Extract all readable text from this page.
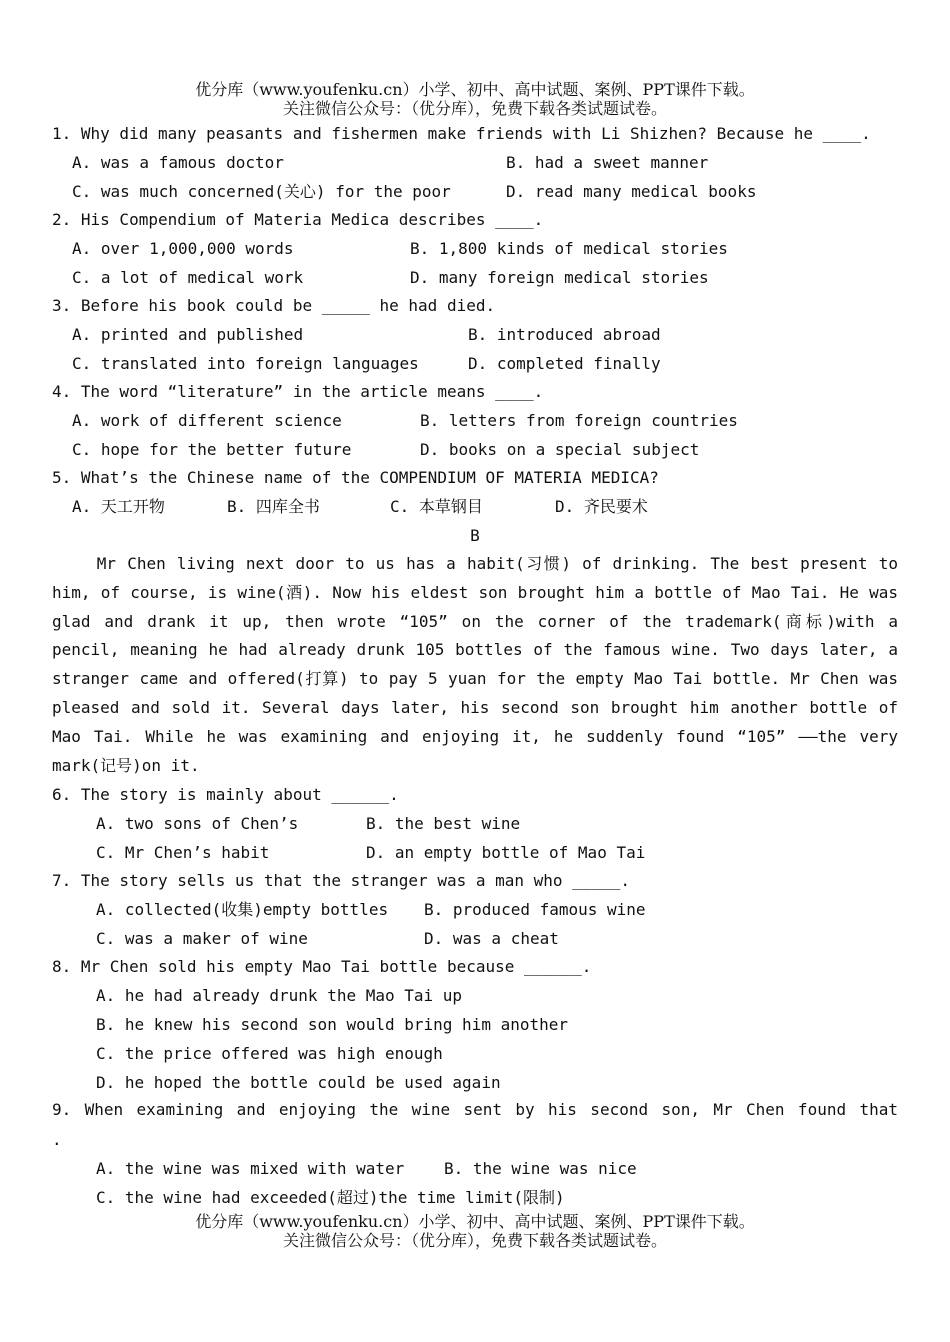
优分库（www.youfenku.cn）小学、初中、高中试题、案例、PPT课件下载。
关注微信公众号：（优分库），免费下载各类试题试卷。
1. Why did many peasants and fishermen make friends with Li Shizhen? Because he ____.
A. was a famous doctor	B. had a sweet manner
C. was much concerned(关心) for the poor	D. read many medical books
2. His Compendium of Materia Medica describes ____.
A. over 1,000,000 words	B. 1,800 kinds of medical stories
C. a lot of medical work	D. many foreign medical stories
3. Before his book could be _____ he had died.
A. printed and published	B. introduced abroad
C. translated into foreign languages	D. completed finally
4. The word “literature” in the article means ____.
A. work of different science	B. letters from foreign countries
C. hope for the better future	D. books on a special subject
5. What’s the Chinese name of the COMPENDIUM OF MATERIA MEDICA?
A. 天工开物	B. 四库全书	C. 本草钢目	D. 齐民要术
B
Mr Chen living next door to us has a habit(习惯) of drinking. The best present to him, of course, is wine(酒). Now his eldest son brought him a bottle of Mao Tai. He was glad and drank it up, then wrote “105” on the corner of the trademark(商标)with a pencil, meaning he had already drunk 105 bottles of the famous wine. Two days later, a stranger came and offered(打算) to pay 5 yuan for the empty Mao Tai bottle. Mr Chen was pleased and sold it. Several days later, his second son brought him another bottle of Mao Tai. While he was examining and enjoying it, he suddenly found “105” ——the very mark(记号)on it.
6. The story is mainly about ______.
A. two sons of Chen’s	B. the best wine
C. Mr Chen’s habit	D. an empty bottle of Mao Tai
7. The story sells us that the stranger was a man who _____.
A. collected(收集)empty bottles B. produced famous wine
C. was a maker of wine	D. was a cheat
8. Mr Chen sold his empty Mao Tai bottle because ______.
A. he had already drunk the Mao Tai up
B. he knew his second son would bring him another
C. the price offered was high enough
D. he hoped the bottle could be used again
9. When examining and enjoying the wine sent by his second son, Mr Chen found that
.
A. the wine was mixed with water B. the wine was nice
C. the wine had exceeded(超过)the time limit(限制)
优分库（www.youfenku.cn）小学、初中、高中试题、案例、PPT课件下载。
关注微信公众号：（优分库），免费下载各类试题试卷。
